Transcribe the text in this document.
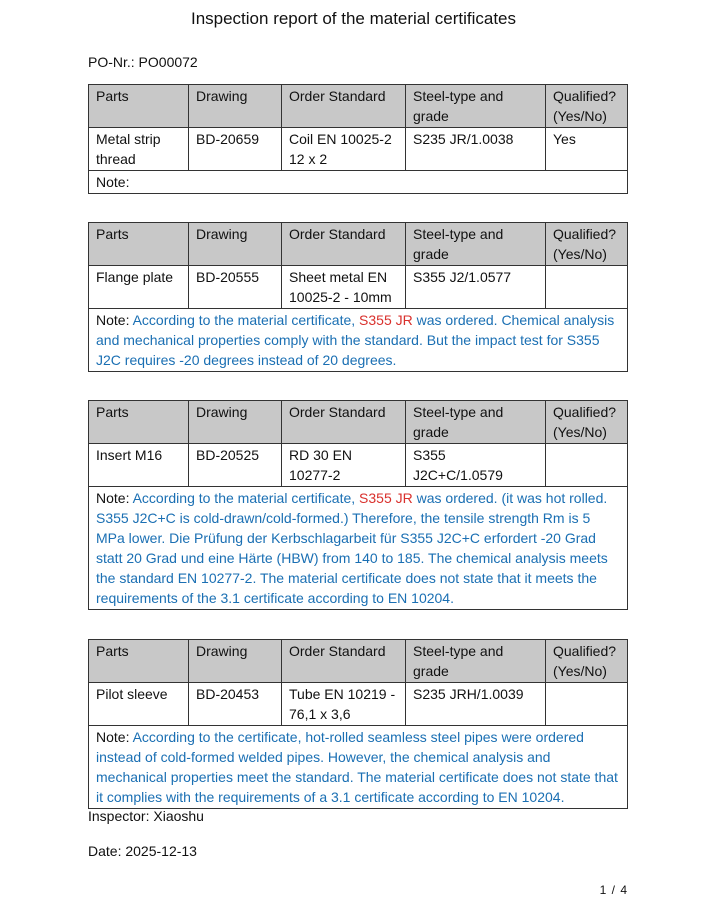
Inspection report of the material certificates
PO-Nr.: PO00072
Parts	Drawing	Order Standard	Steel-type and grade	Qualified? (Yes/No)
Metal strip thread	BD-20659	Coil EN 10025-2 12 x 2	S235 JR/1.0038	Yes
Note:				
Parts	Drawing	Order Standard	Steel-type and grade	Qualified? (Yes/No)
Flange plate	BD-20555	Sheet metal EN 10025-2 - 10mm	S355 J2/1.0577	
Note: According to the material certificate, S355 JR was ordered. Chemical analysis and mechanical properties comply with the standard. But the impact test for S355 J2C requires -20 degrees instead of 20 degrees.				
Parts	Drawing	Order Standard	Steel-type and grade	Qualified? (Yes/No)
Insert M16	BD-20525	RD 30 EN 10277-2	S355 J2C+C/1.0579	
Note: According to the material certificate, S355 JR was ordered. (it was hot rolled. S355 J2C+C is cold-drawn/cold-formed.) Therefore, the tensile strength Rm is 5 MPa lower. Die Prüfung der Kerbschlagarbeit für S355 J2C+C erfordert -20 Grad statt 20 Grad und eine Härte (HBW) from 140 to 185. The chemical analysis meets the standard EN 10277-2. The material certificate does not state that it meets the requirements of the 3.1 certificate according to EN 10204.				
Parts	Drawing	Order Standard	Steel-type and grade	Qualified? (Yes/No)
Pilot sleeve	BD-20453	Tube EN 10219 - 76,1 x 3,6	S235 JRH/1.0039	
Note: According to the certificate, hot-rolled seamless steel pipes were ordered instead of cold-formed welded pipes. However, the chemical analysis and mechanical properties meet the standard. The material certificate does not state that it complies with the requirements of a 3.1 certificate according to EN 10204.				
Inspector: Xiaoshu
Date: 2025-12-13
1 / 4
